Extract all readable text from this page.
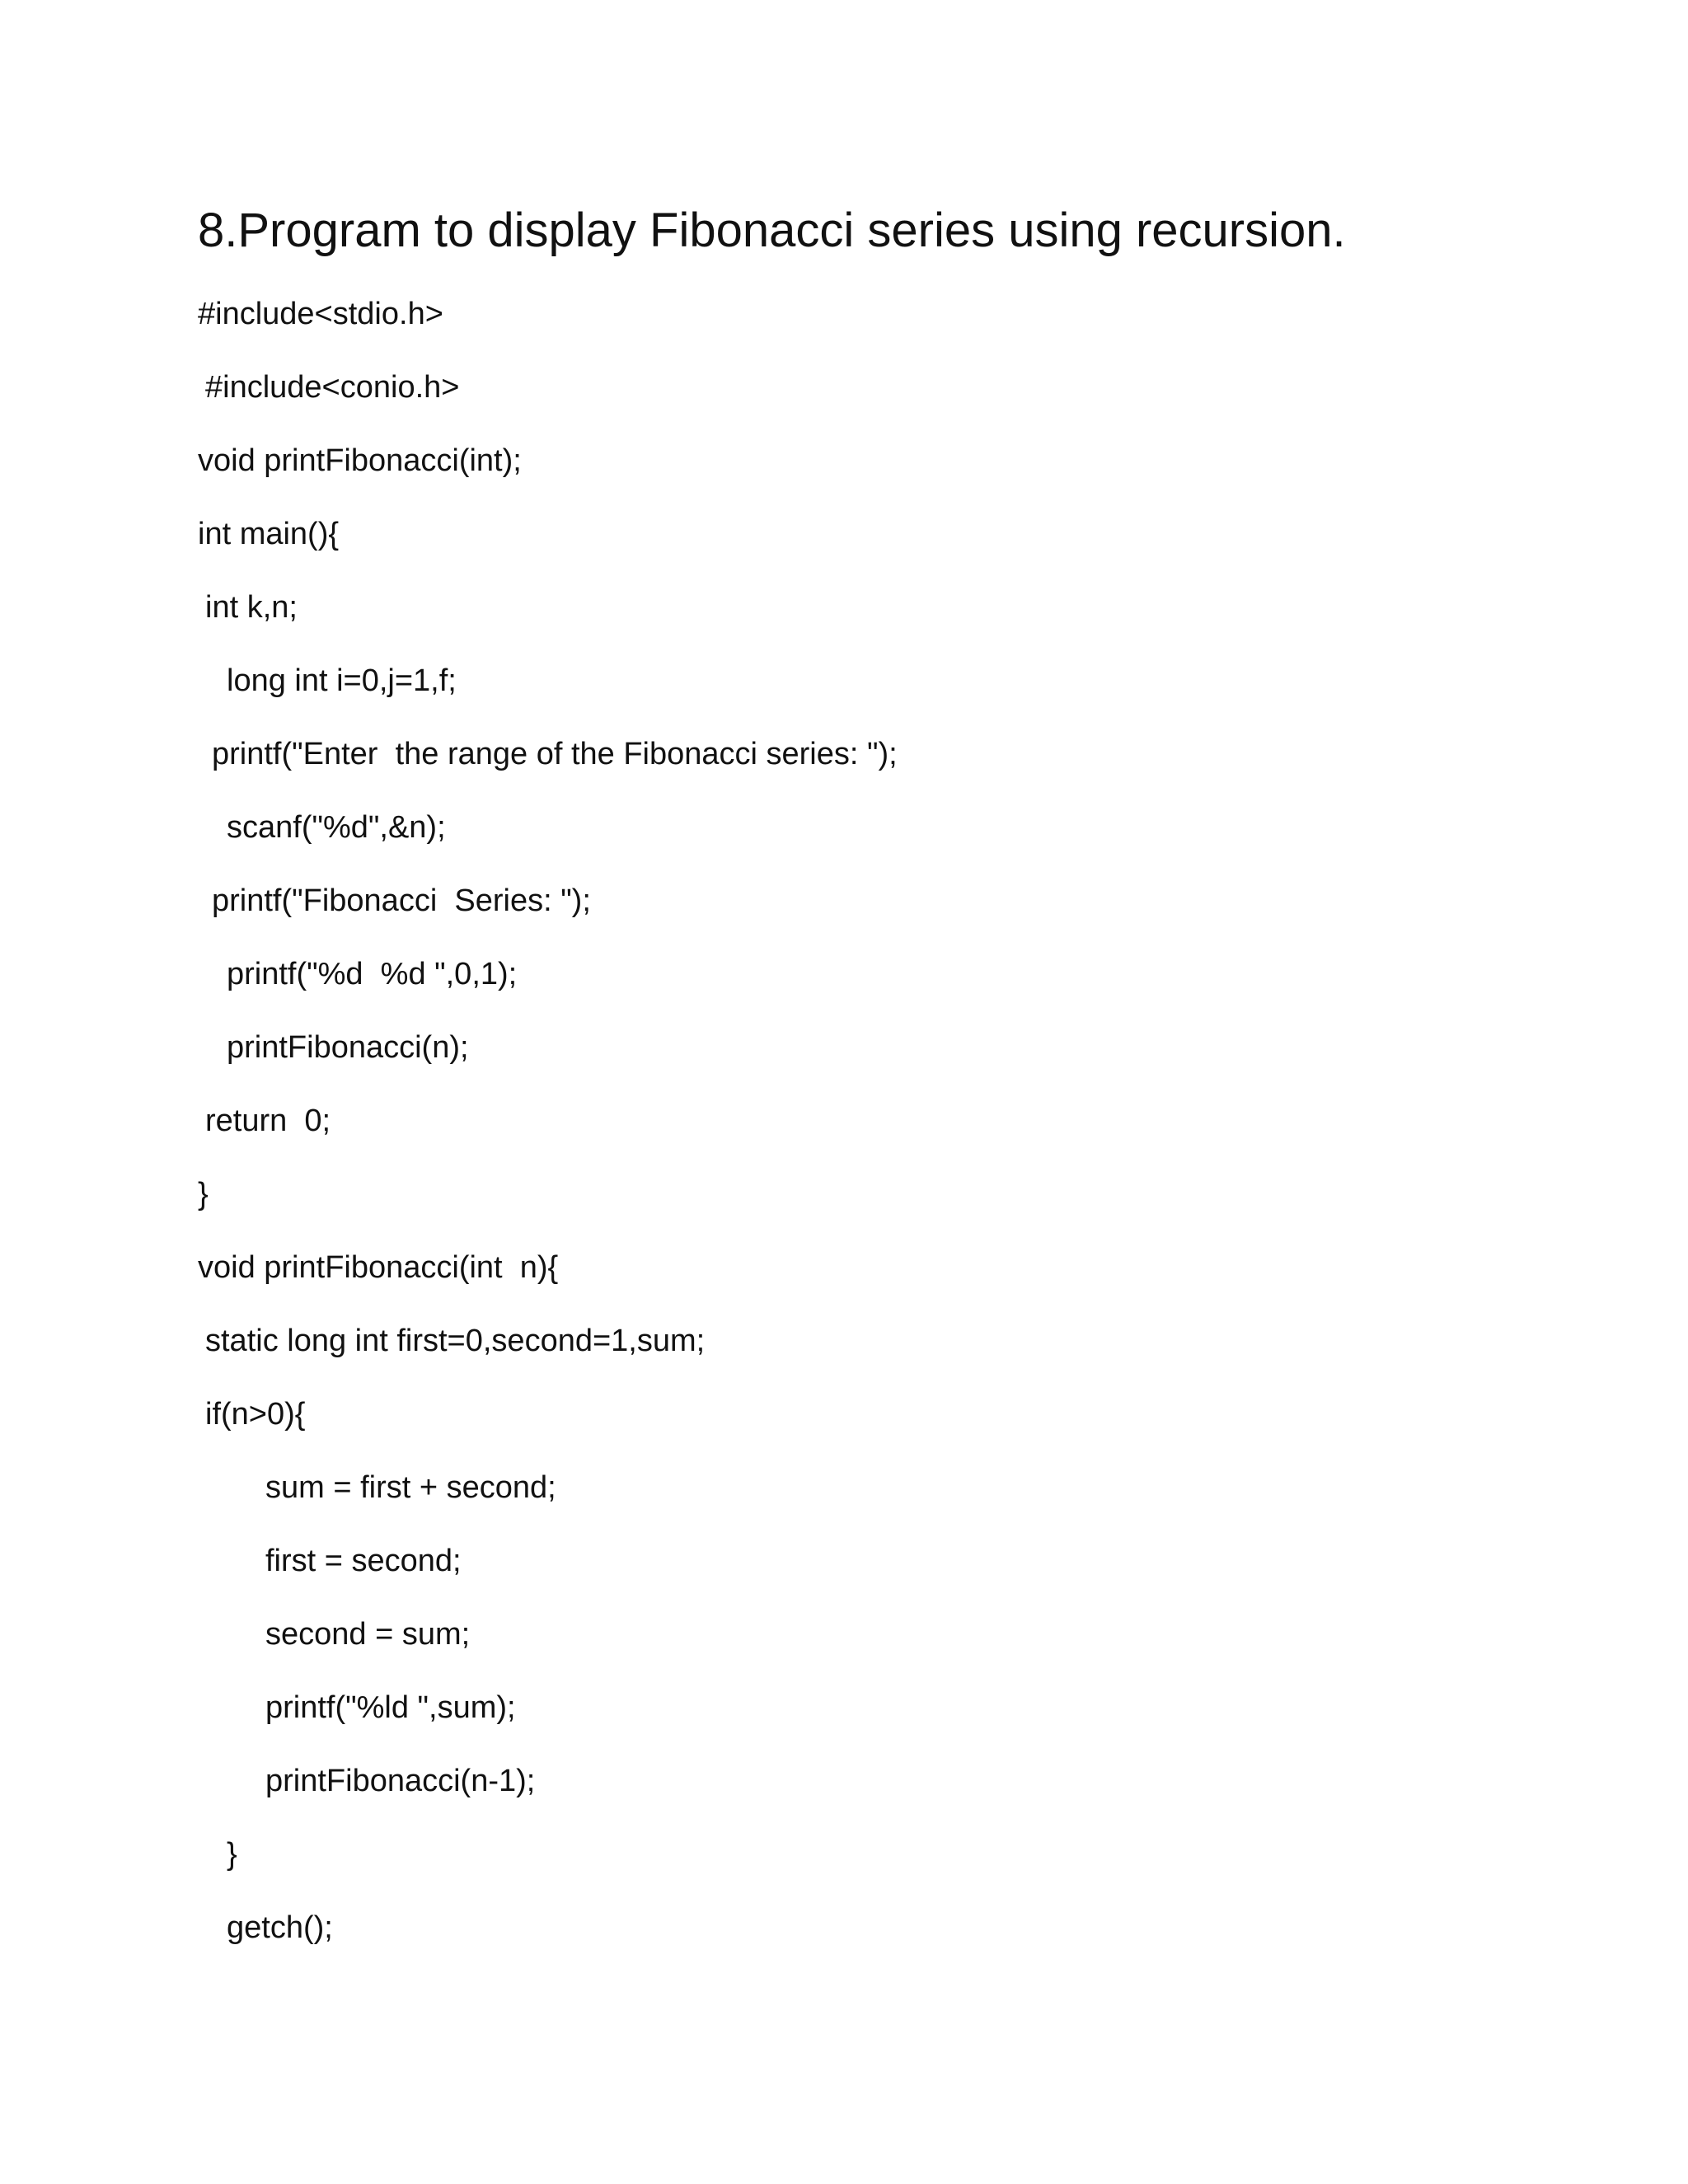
8.Program to display Fibonacci series using recursion.
#include<stdio.h>
#include<conio.h>
void printFibonacci(int);
int main(){
int k,n;
long int i=0,j=1,f;
printf("Enter  the range of the Fibonacci series: ");
scanf("%d",&n);
printf("Fibonacci  Series: ");
printf("%d  %d ",0,1);
printFibonacci(n);
return  0;
}
void printFibonacci(int  n){
static long int first=0,second=1,sum;
if(n>0){
sum = first + second;
first = second;
second = sum;
printf("%ld ",sum);
printFibonacci(n-1);
}
getch();
